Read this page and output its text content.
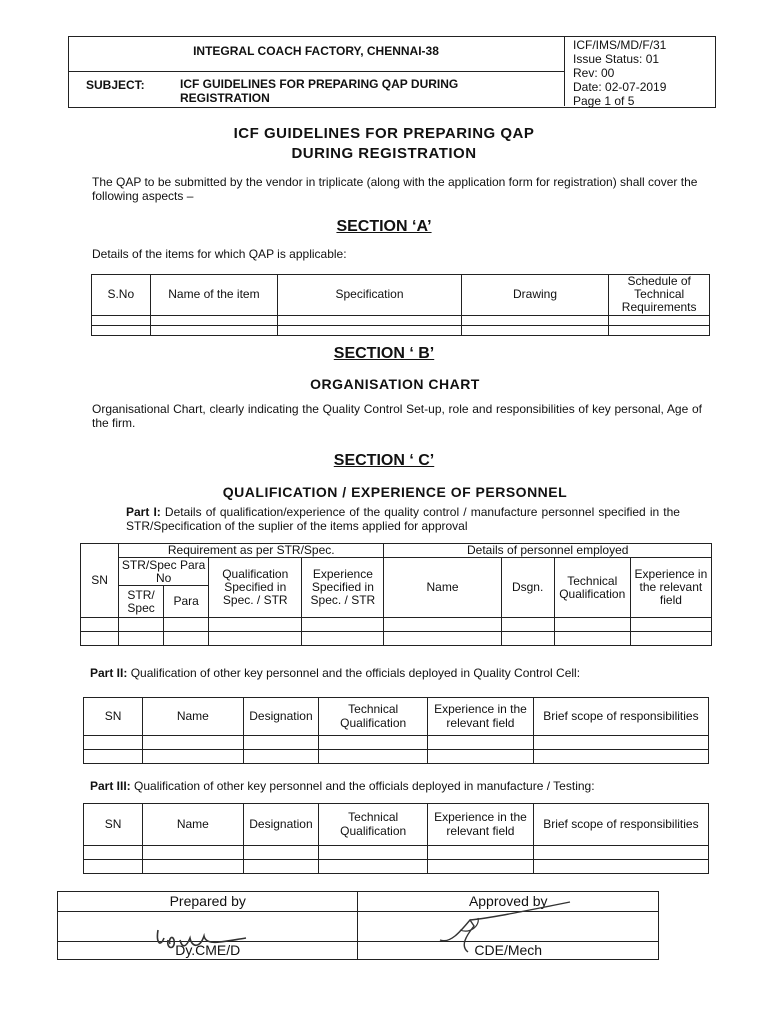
INTEGRAL COACH FACTORY, CHENNAI-38
SUBJECT:	ICF GUIDELINES FOR PREPARING QAP DURING REGISTRATION
ICF/IMS/MD/F/31
Issue Status: 01
Rev: 00
Date: 02-07-2019
Page 1 of 5
ICF GUIDELINES FOR PREPARING QAP
DURING REGISTRATION
The QAP to be submitted by the vendor in triplicate (along with the application form for registration) shall cover the following aspects –
SECTION ‘A’
Details of the items for which QAP is applicable:
S.No	Name of the item	Specification	Drawing	Schedule of Technical Requirements

SECTION ‘ B’
ORGANISATION CHART
Organisational Chart, clearly indicating the Quality Control Set-up, role and responsibilities of key personal, Age of the firm.
SECTION ‘ C’
QUALIFICATION / EXPERIENCE OF PERSONNEL
Part I: Details of qualification/experience of the quality control / manufacture personnel specified in the STR/Specification of the suplier of the items applied for approval
SN	Requirement as per STR/Spec.				Details of personnel employed			
	STR/Spec Para No		Qualification Specified in Spec. / STR	Experience Specified in Spec. / STR	Name	Dsgn.	Technical Qualification	Experience in the relevant field
	STR/ Spec	Para						

Part II: Qualification of other key personnel and the officials deployed in Quality Control Cell:
SN	Name	Designation	Technical Qualification	Experience in the relevant field	Brief scope of responsibilities

Part III: Qualification of other key personnel and the officials deployed in manufacture / Testing:
SN	Name	Designation	Technical Qualification	Experience in the relevant field	Brief scope of responsibilities

Prepared by	Approved by

Dy.CME/D	CDE/Mech
